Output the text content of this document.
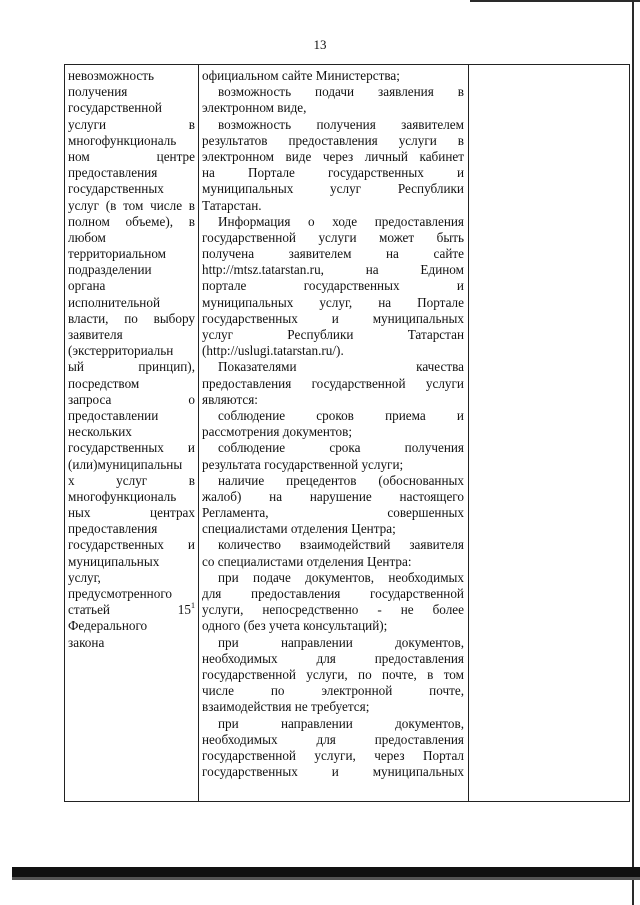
13
невозможность
получения
государственной
услуги в
многофункциональ
ном центре
предоставления
государственных
услуг (в том числе в
полном объеме), в
любом
территориальном
подразделении
органа
исполнительной
власти, по выбору
заявителя
(экстерриториальн
ый принцип),
посредством
запроса о
предоставлении
нескольких
государственных и
(или)муниципальны
х услуг в
многофункциональ
ных центрах
предоставления
государственных и
муниципальных
услуг,
предусмотренного
статьей $15^1$
Федерального
закона
официальном сайте Министерства;
возможность подачи заявления в
электронном виде,
возможность получения заявителем
результатов предоставления услуги в
электронном виде через личный кабинет
на Портале государственных и
муниципальных услуг Республики
Татарстан.
Информация о ходе предоставления
государственной услуги может быть
получена заявителем на сайте
http://mtsz.tatarstan.ru, на Едином
портале государственных и
муниципальных услуг, на Портале
государственных и муниципальных
услуг Республики Татарстан
(http://uslugi.tatarstan.ru/).
Показателями качества
предоставления государственной услуги
являются:
соблюдение сроков приема и
рассмотрения документов;
соблюдение срока получения
результата государственной услуги;
наличие прецедентов (обоснованных
жалоб) на нарушение настоящего
Регламента, совершенных
специалистами отделения Центра;
количество взаимодействий заявителя
со специалистами отделения Центра:
при подаче документов, необходимых
для предоставления государственной
услуги, непосредственно - не более
одного (без учета консультаций);
при направлении документов,
необходимых для предоставления
государственной услуги, по почте, в том
числе по электронной почте,
взаимодействия не требуется;
при направлении документов,
необходимых для предоставления
государственной услуги, через Портал
государственных и муниципальных
